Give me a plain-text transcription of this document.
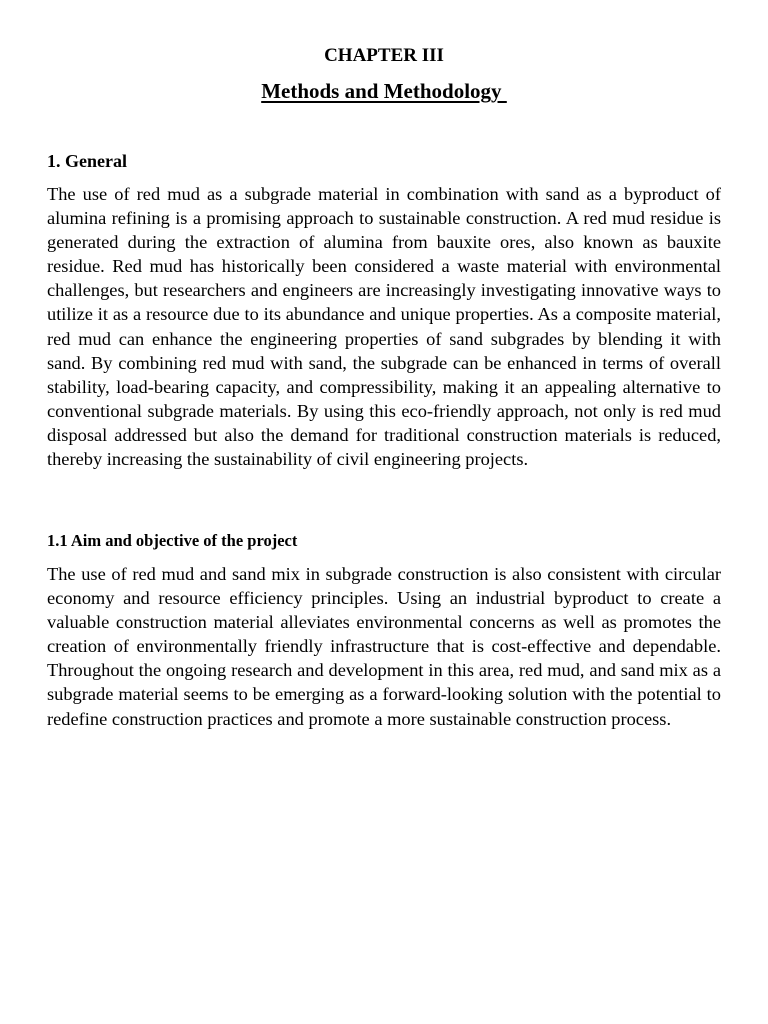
CHAPTER III
Methods and Methodology
1. General

The use of red mud as a subgrade material in combination with sand as a byproduct of alumina refining is a promising approach to sustainable construction. A red mud residue is generated during the extraction of alumina from bauxite ores, also known as bauxite residue. Red mud has historically been considered a waste material with environmental challenges, but researchers and engineers are increasingly investigating innovative ways to utilize it as a resource due to its abundance and unique properties. As a composite material, red mud can enhance the engineering properties of sand subgrades by blending it with sand. By combining red mud with sand, the subgrade can be enhanced in terms of overall stability, load-bearing capacity, and compressibility, making it an appealing alternative to conventional subgrade materials. By using this eco-friendly approach, not only is red mud disposal addressed but also the demand for traditional construction materials is reduced, thereby increasing the sustainability of civil engineering projects.

1.1 Aim and objective of the project

The use of red mud and sand mix in subgrade construction is also consistent with circular economy and resource efficiency principles. Using an industrial byproduct to create a valuable construction material alleviates environmental concerns as well as promotes the creation of environmentally friendly infrastructure that is cost-effective and dependable. Throughout the ongoing research and development in this area, red mud, and sand mix as a subgrade material seems to be emerging as a forward-looking solution with the potential to redefine construction practices and promote a more sustainable construction process.
